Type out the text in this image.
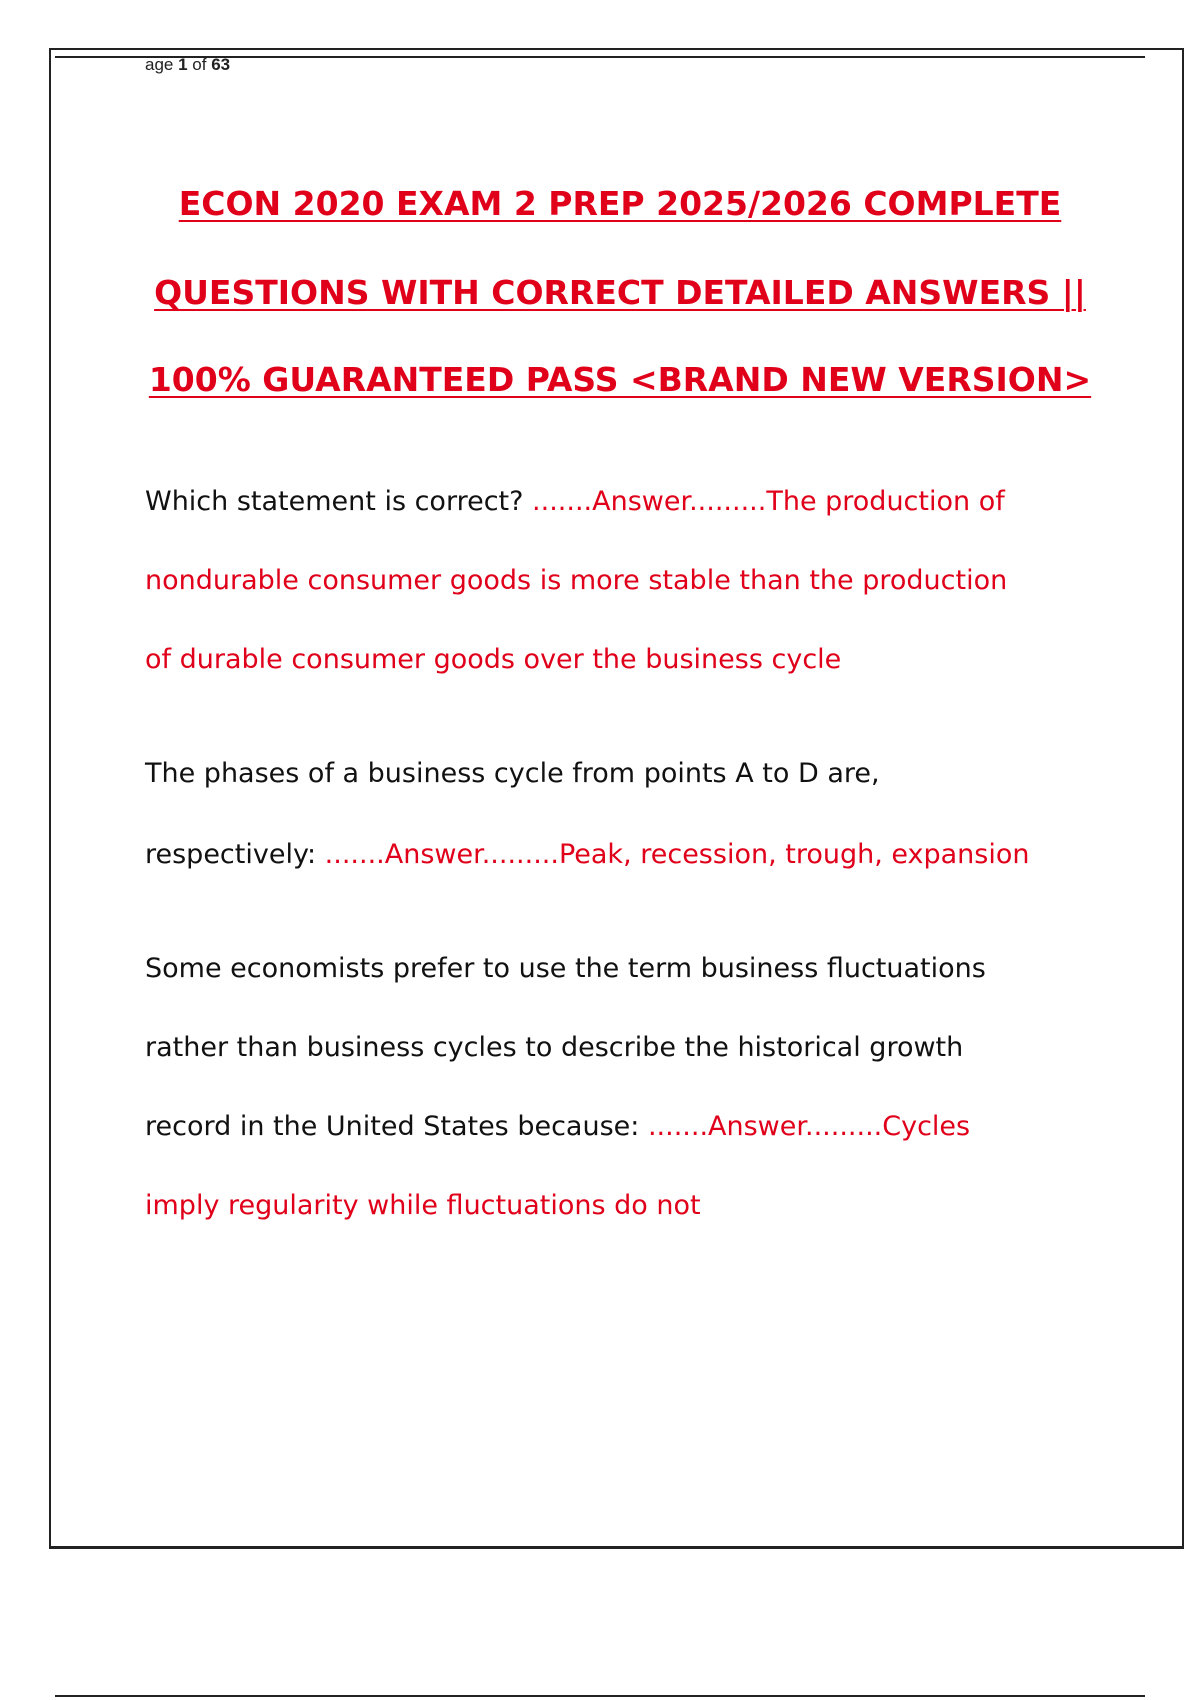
age 1 of 63
ECON 2020 EXAM 2 PREP 2025/2026 COMPLETE
QUESTIONS WITH CORRECT DETAILED ANSWERS ||
100% GUARANTEED PASS <BRAND NEW VERSION>
Which statement is correct? .......Answer.........The production of
nondurable consumer goods is more stable than the production
of durable consumer goods over the business cycle
The phases of a business cycle from points A to D are,
respectively: .......Answer.........Peak, recession, trough, expansion
Some economists prefer to use the term business fluctuations
rather than business cycles to describe the historical growth
record in the United States because: .......Answer.........Cycles
imply regularity while fluctuations do not
